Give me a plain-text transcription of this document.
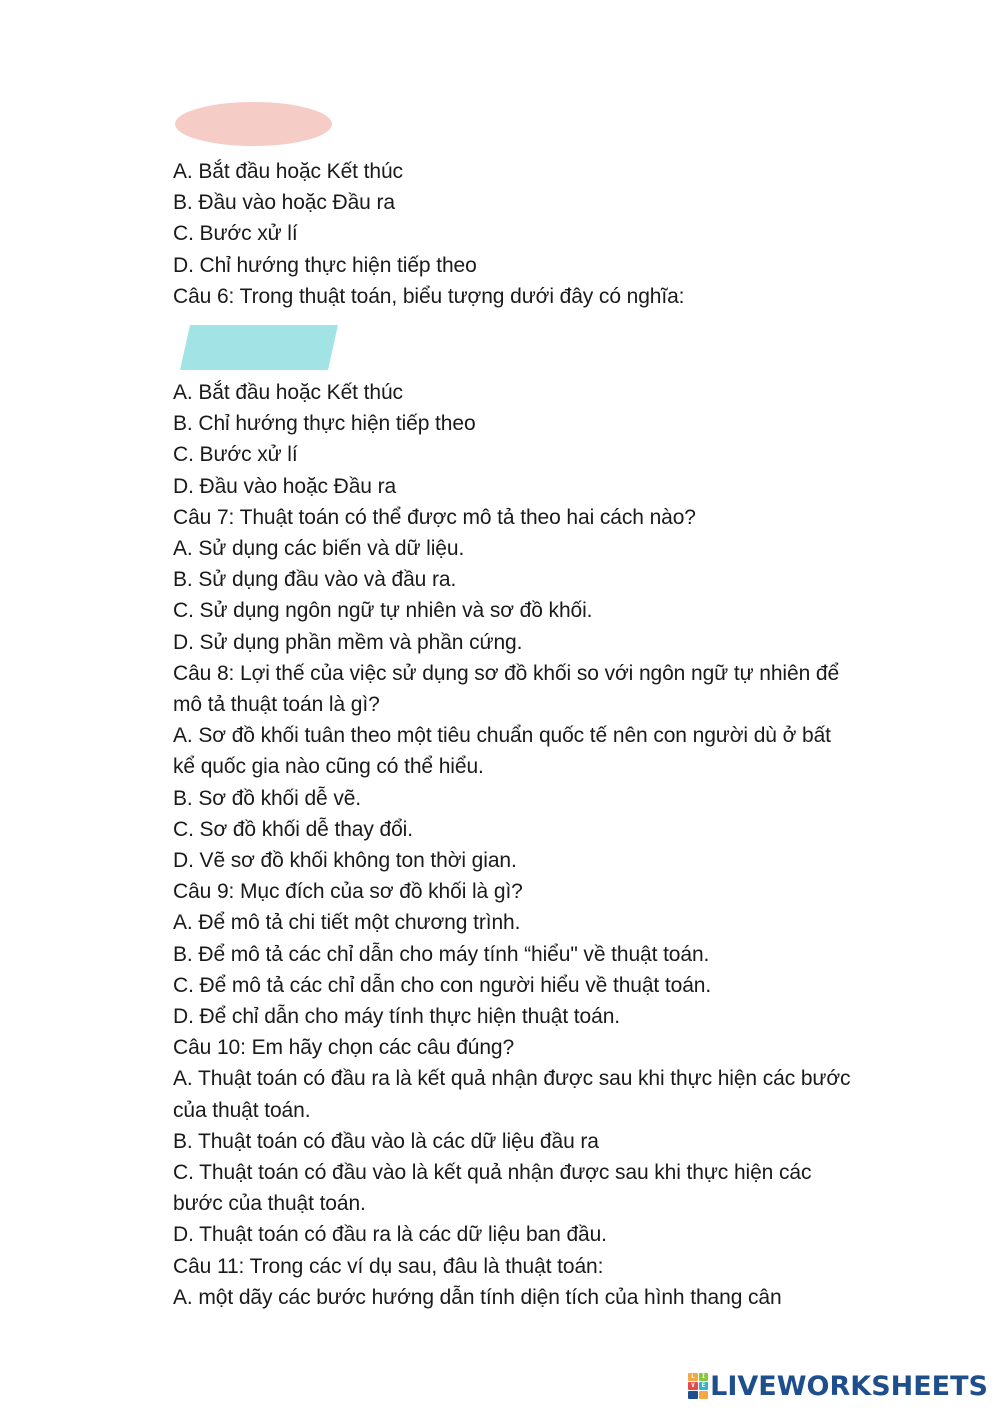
A. Bắt đầu hoặc Kết thúc
B. Đầu vào hoặc Đầu ra
C. Bước xử lí
D. Chỉ hướng thực hiện tiếp theo
Câu 6: Trong thuật toán, biểu tượng dưới đây có nghĩa:
A. Bắt đầu hoặc Kết thúc
B. Chỉ hướng thực hiện tiếp theo
C. Bước xử lí
D. Đầu vào hoặc Đầu ra
Câu 7: Thuật toán có thể được mô tả theo hai cách nào?
A. Sử dụng các biến và dữ liệu.
B. Sử dụng đầu vào và đầu ra.
C. Sử dụng ngôn ngữ tự nhiên và sơ đồ khối.
D. Sử dụng phần mềm và phần cứng.
Câu 8: Lợi thế của việc sử dụng sơ đồ khối so với ngôn ngữ tự nhiên để
mô tả thuật toán là gì?
A. Sơ đồ khối tuân theo một tiêu chuẩn quốc tế nên con người dù ở bất
kể quốc gia nào cũng có thể hiểu.
B. Sơ đồ khối dễ vẽ.
C. Sơ đồ khối dễ thay đổi.
D. Vẽ sơ đồ khối không ton thời gian.
Câu 9: Mục đích của sơ đồ khối là gì?
A. Để mô tả chi tiết một chương trình.
B. Để mô tả các chỉ dẫn cho máy tính “hiểu" về thuật toán.
C. Để mô tả các chỉ dẫn cho con người hiểu về thuật toán.
D. Để chỉ dẫn cho máy tính thực hiện thuật toán.
Câu 10: Em hãy chọn các câu đúng?
A. Thuật toán có đầu ra là kết quả nhận được sau khi thực hiện các bước
của thuật toán.
B. Thuật toán có đầu vào là các dữ liệu đầu ra
C. Thuật toán có đầu vào là kết quả nhận được sau khi thực hiện các
bước của thuật toán.
D. Thuật toán có đầu ra là các dữ liệu ban đầu.
Câu 11: Trong các ví dụ sau, đâu là thuật toán:
A. một dãy các bước hướng dẫn tính diện tích của hình thang cân
L	I
V	E LIVEWORKSHEETS
